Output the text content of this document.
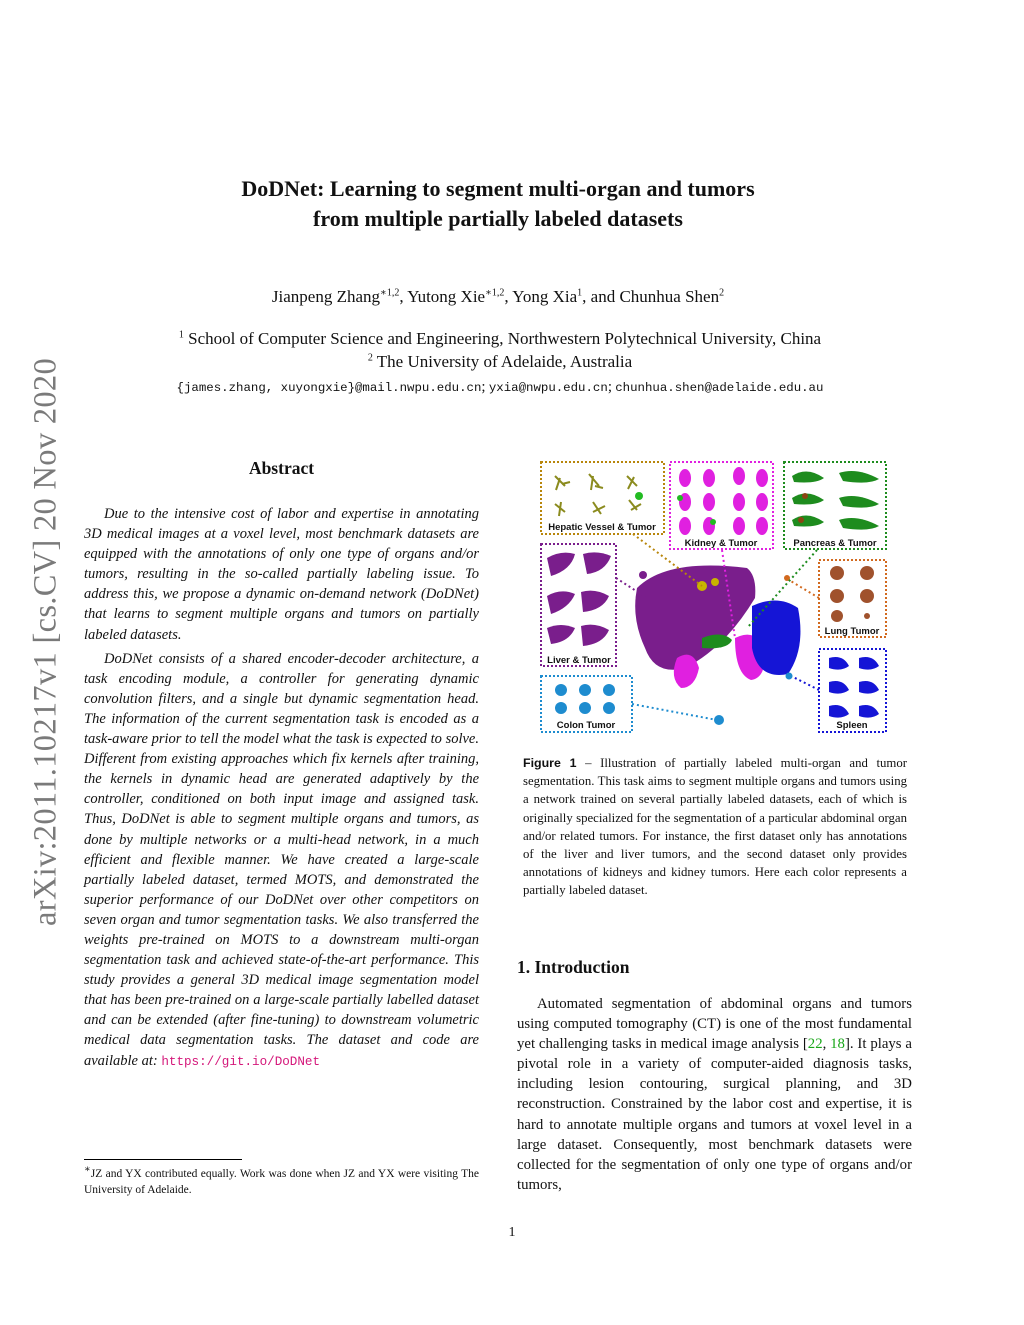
arXiv:2011.10217v1 [cs.CV] 20 Nov 2020
DoDNet: Learning to segment multi-organ and tumors
from multiple partially labeled datasets
Jianpeng Zhang$^{∗1,2}$, Yutong Xie$^{∗1,2}$, Yong Xia$^1$, and Chunhua Shen$^2$
$^1$ School of Computer Science and Engineering, Northwestern Polytechnical University, China
$^2$ The University of Adelaide, Australia
{james.zhang, xuyongxie}@mail.nwpu.edu.cn; yxia@nwpu.edu.cn; chunhua.shen@adelaide.edu.au
Abstract

Due to the intensive cost of labor and expertise in annotating 3D medical images at a voxel level, most benchmark datasets are equipped with the annotations of only one type of organs and/or tumors, resulting in the so-called partially labeling issue. To address this, we propose a dynamic on-demand network (DoDNet) that learns to segment multiple organs and tumors on partially labeled datasets.

DoDNet consists of a shared encoder-decoder architecture, a task encoding module, a controller for generating dynamic convolution filters, and a single but dynamic segmentation head. The information of the current segmentation task is encoded as a task-aware prior to tell the model what the task is expected to solve. Different from existing approaches which fix kernels after training, the kernels in dynamic head are generated adaptively by the controller, conditioned on both input image and assigned task. Thus, DoDNet is able to segment multiple organs and tumors, as done by multiple networks or a multi-head network, in a much efficient and flexible manner. We have created a large-scale partially labeled dataset, termed MOTS, and demonstrated the superior performance of our DoDNet over other competitors on seven organ and tumor segmentation tasks. We also transferred the weights pre-trained on MOTS to a downstream multi-organ segmentation task and achieved state-of-the-art performance. This study provides a general 3D medical image segmentation model that has been pre-trained on a large-scale partially labelled dataset and can be extended (after fine-tuning) to downstream volumetric medical data segmentation tasks. The dataset and code are available at: https://git.io/DoDNet

∗JZ and YX contributed equally. Work was done when JZ and YX were visiting The University of Adelaide.
Hepatic Vessel & Tumor
Kidney & Tumor	Pancreas & Tumor
Liver & Tumor
Lung Tumor
Colon Tumor	Spleen
Figure 1 – Illustration of partially labeled multi-organ and tumor segmentation. This task aims to segment multiple organs and tumors using a network trained on several partially labeled datasets, each of which is originally specialized for the segmentation of a particular abdominal organ and/or related tumors. For instance, the first dataset only has annotations of the liver and liver tumors, and the second dataset only provides annotations of kidneys and kidney tumors. Here each color represents a partially labeled dataset.
1. Introduction

Automated segmentation of abdominal organs and tumors using computed tomography (CT) is one of the most fundamental yet challenging tasks in medical image analysis [22, 18]. It plays a pivotal role in a variety of computer-aided diagnosis tasks, including lesion contouring, surgical planning, and 3D reconstruction. Constrained by the labor cost and expertise, it is hard to annotate multiple organs and tumors at voxel level in a large dataset. Consequently, most benchmark datasets were collected for the segmentation of only one type of organs and/or tumors,

1
